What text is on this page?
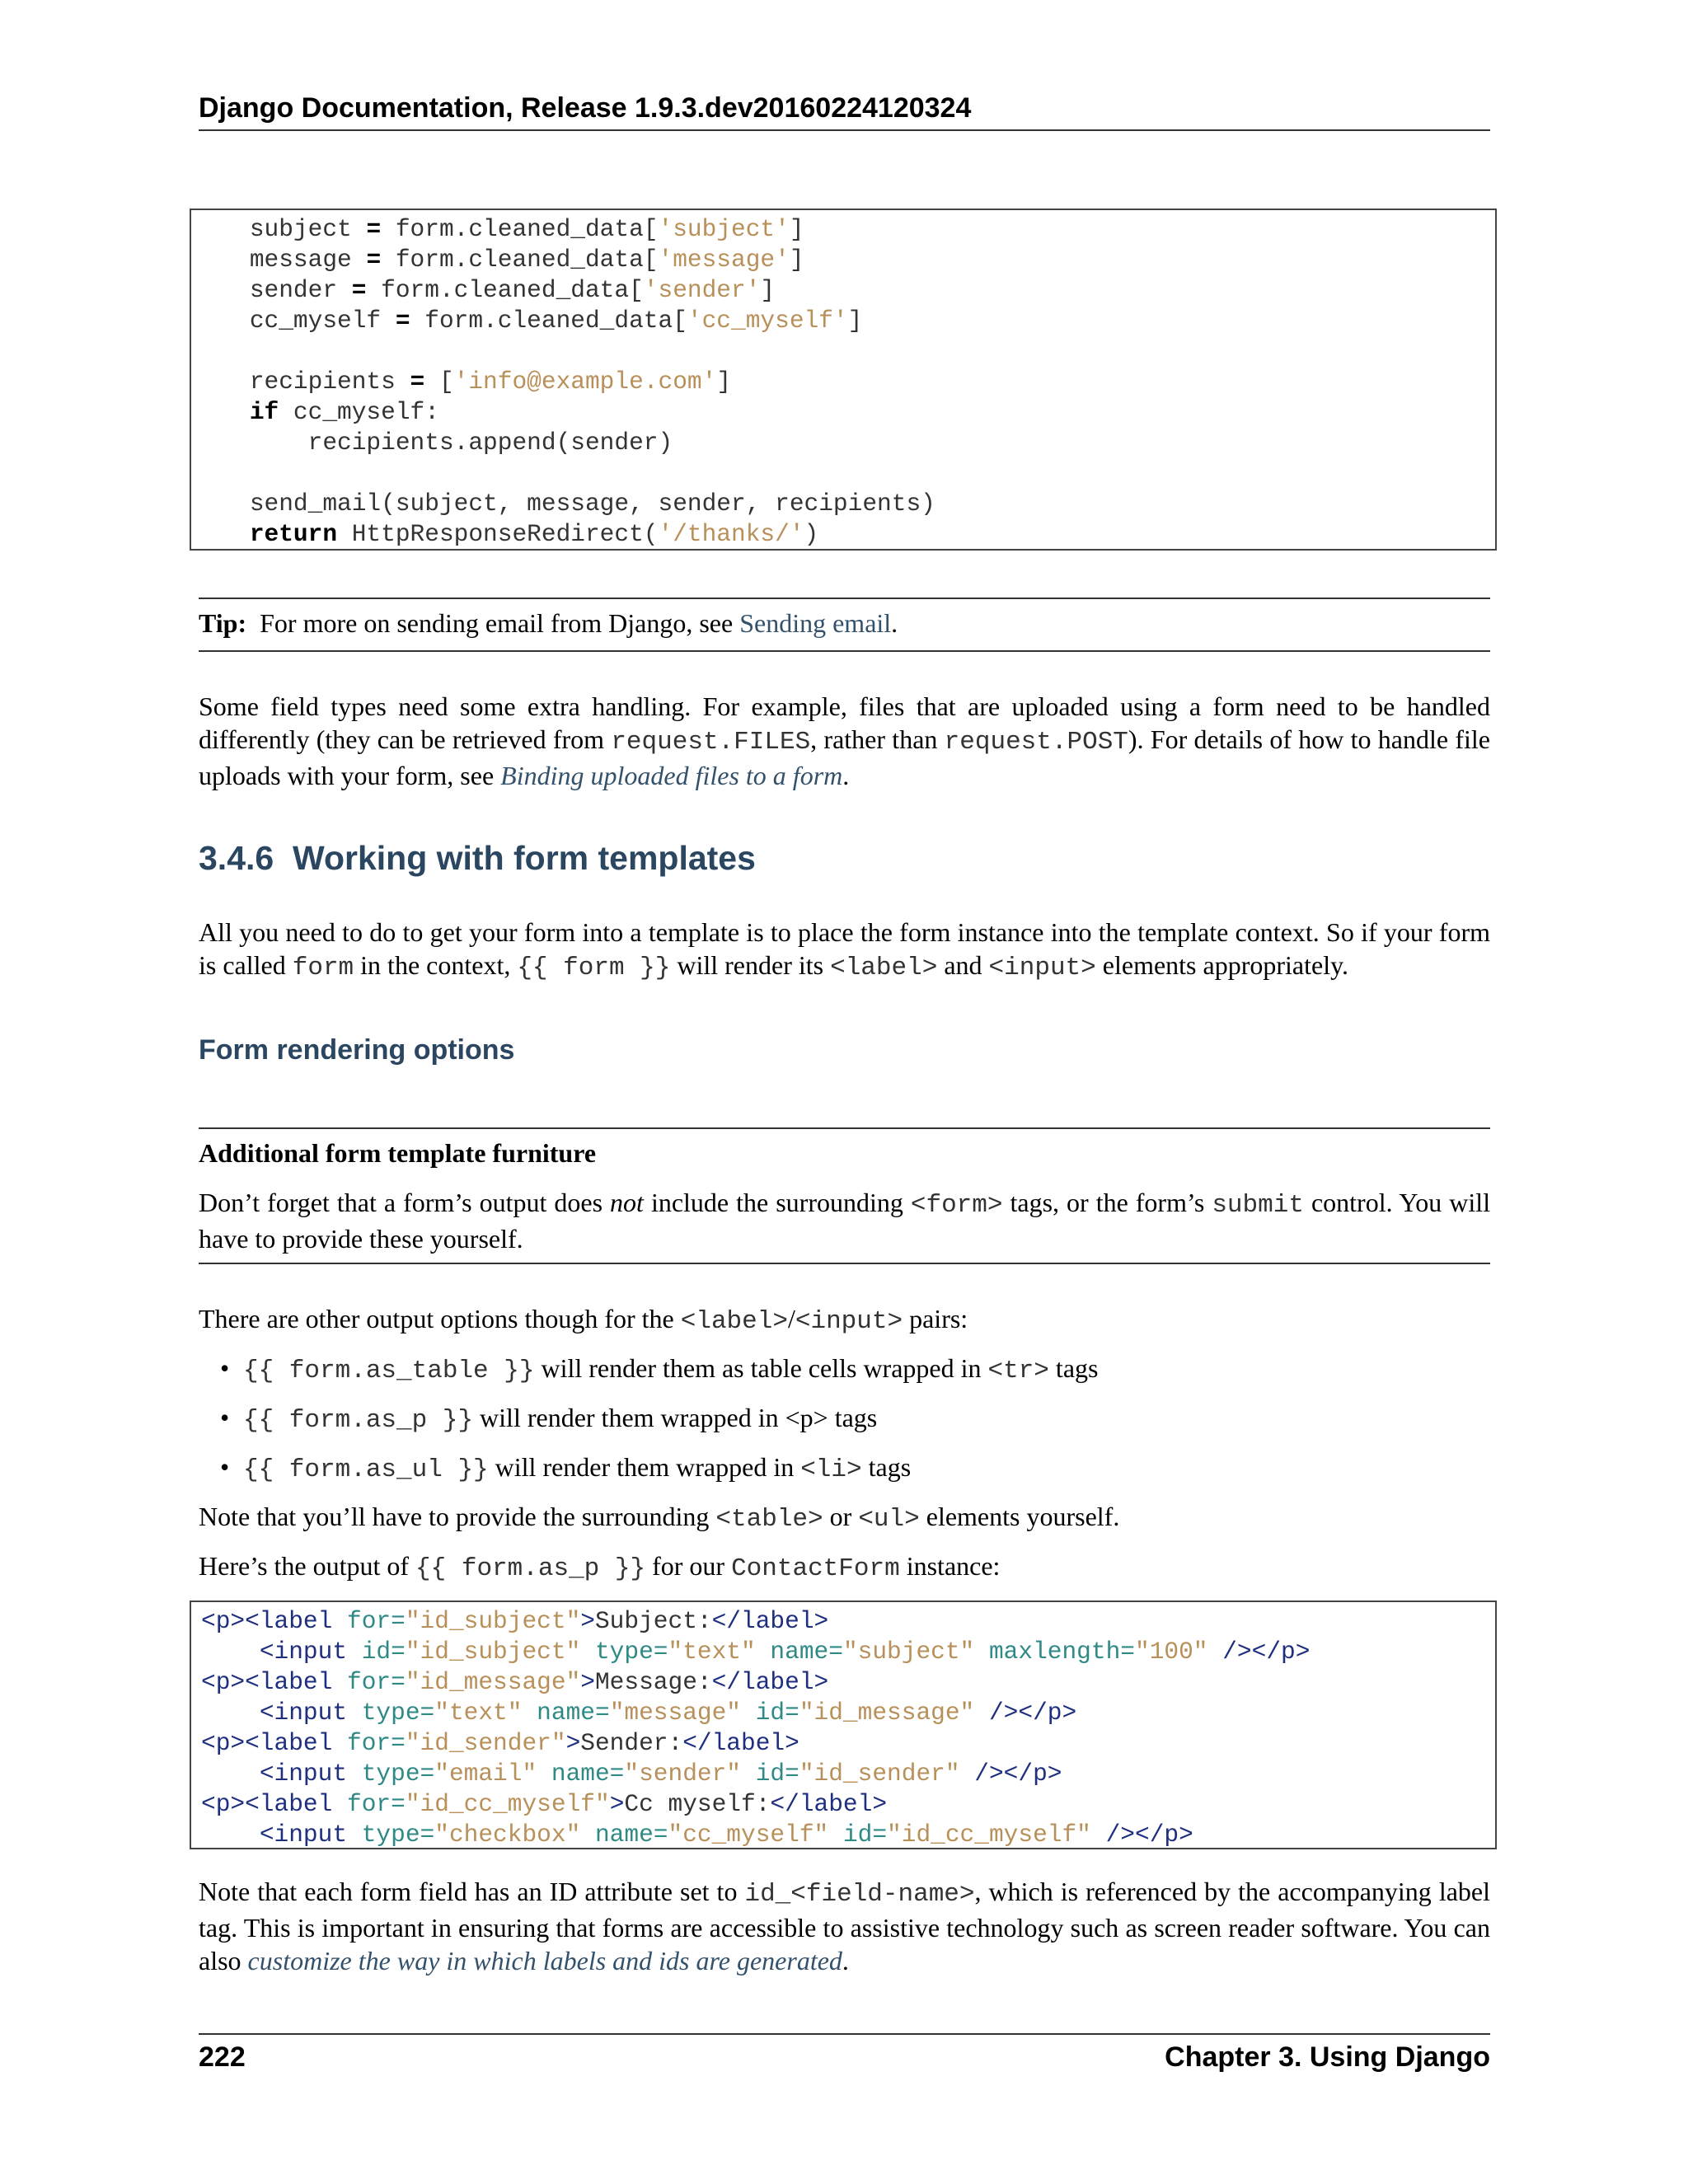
Django Documentation, Release 1.9.3.dev20160224120324
subject = form.cleaned_data['subject']
message = form.cleaned_data['message']
sender = form.cleaned_data['sender']
cc_myself = form.cleaned_data['cc_myself']

recipients = ['info@example.com']
if cc_myself:
recipients.append(sender)

send_mail(subject, message, sender, recipients)
return HttpResponseRedirect('/thanks/')
Tip: For more on sending email from Django, see Sending email.
Some field types need some extra handling. For example, files that are uploaded using a form need to be handled differently (they can be retrieved from request.FILES, rather than request.POST). For details of how to handle file uploads with your form, see Binding uploaded files to a form.
3.4.6 Working with form templates
All you need to do to get your form into a template is to place the form instance into the template context. So if your form is called form in the context, {{ form }} will render its <label> and <input> elements appropriately.
Form rendering options
Additional form template furniture
Don’t forget that a form’s output does not include the surrounding <form> tags, or the form’s submit control. You will have to provide these yourself.
There are other output options though for the <label>/<input> pairs:
• {{ form.as_table }} will render them as table cells wrapped in <tr> tags
• {{ form.as_p }} will render them wrapped in <p> tags
• {{ form.as_ul }} will render them wrapped in <li> tags
Note that you’ll have to provide the surrounding <table> or <ul> elements yourself.
Here’s the output of {{ form.as_p }} for our ContactForm instance:
<p><label for="id_subject">Subject:</label>
<input id="id_subject" type="text" name="subject" maxlength="100" /></p>
<p><label for="id_message">Message:</label>
<input type="text" name="message" id="id_message" /></p>
<p><label for="id_sender">Sender:</label>
<input type="email" name="sender" id="id_sender" /></p>
<p><label for="id_cc_myself">Cc myself:</label>
<input type="checkbox" name="cc_myself" id="id_cc_myself" /></p>
Note that each form field has an ID attribute set to id_<field-name>, which is referenced by the accompanying label tag. This is important in ensuring that forms are accessible to assistive technology such as screen reader software. You can also customize the way in which labels and ids are generated.
222	Chapter 3. Using Django
